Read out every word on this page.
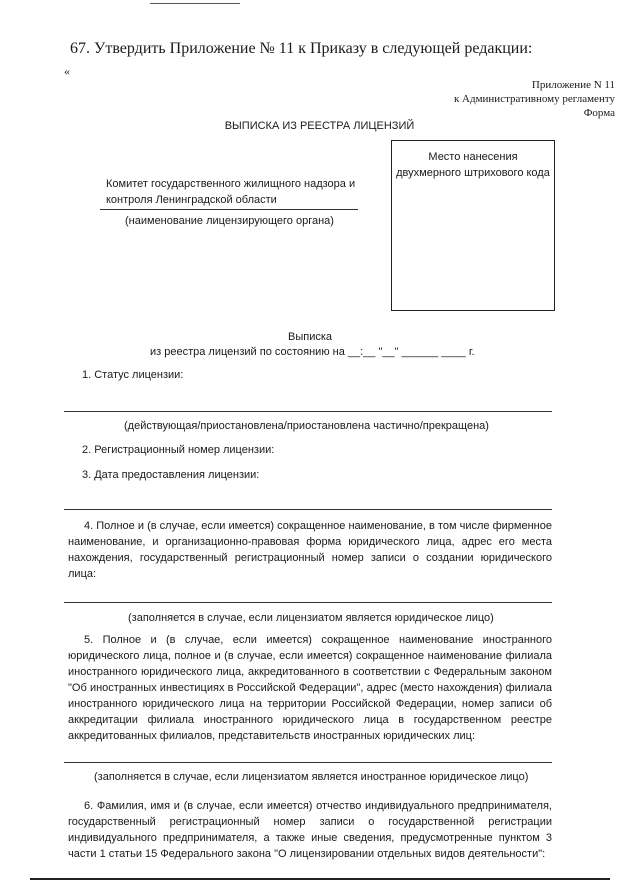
67. Утвердить Приложение № 11 к Приказу в следующей редакции:
«
Приложение N 11
к Административному регламенту
Форма
ВЫПИСКА ИЗ РЕЕСТРА ЛИЦЕНЗИЙ
Место нанесения
двухмерного штрихового кода
Комитет государственного жилищного надзора и
контроля Ленинградской области
(наименование лицензирующего органа)
Выписка
из реестра лицензий по состоянию на __:__ "__" ______ ____ г.
1. Статус лицензии:
(действующая/приостановлена/приостановлена частично/прекращена)
2. Регистрационный номер лицензии:
3. Дата предоставления лицензии:
4. Полное и (в случае, если имеется) сокращенное наименование, в том числе фирменное наименование, и организационно-правовая форма юридического лица, адрес его места нахождения, государственный регистрационный номер записи о создании юридического лица:
(заполняется в случае, если лицензиатом является юридическое лицо)
5. Полное и (в случае, если имеется) сокращенное наименование иностранного юридического лица, полное и (в случае, если имеется) сокращенное наименование филиала иностранного юридического лица, аккредитованного в соответствии с Федеральным законом "Об иностранных инвестициях в Российской Федерации", адрес (место нахождения) филиала иностранного юридического лица на территории Российской Федерации, номер записи об аккредитации филиала иностранного юридического лица в государственном реестре аккредитованных филиалов, представительств иностранных юридических лиц:
(заполняется в случае, если лицензиатом является иностранное юридическое лицо)
6. Фамилия, имя и (в случае, если имеется) отчество индивидуального предпринимателя, государственный регистрационный номер записи о государственной регистрации индивидуального предпринимателя, а также иные сведения, предусмотренные пунктом 3 части 1 статьи 15 Федерального закона "О лицензировании отдельных видов деятельности":
